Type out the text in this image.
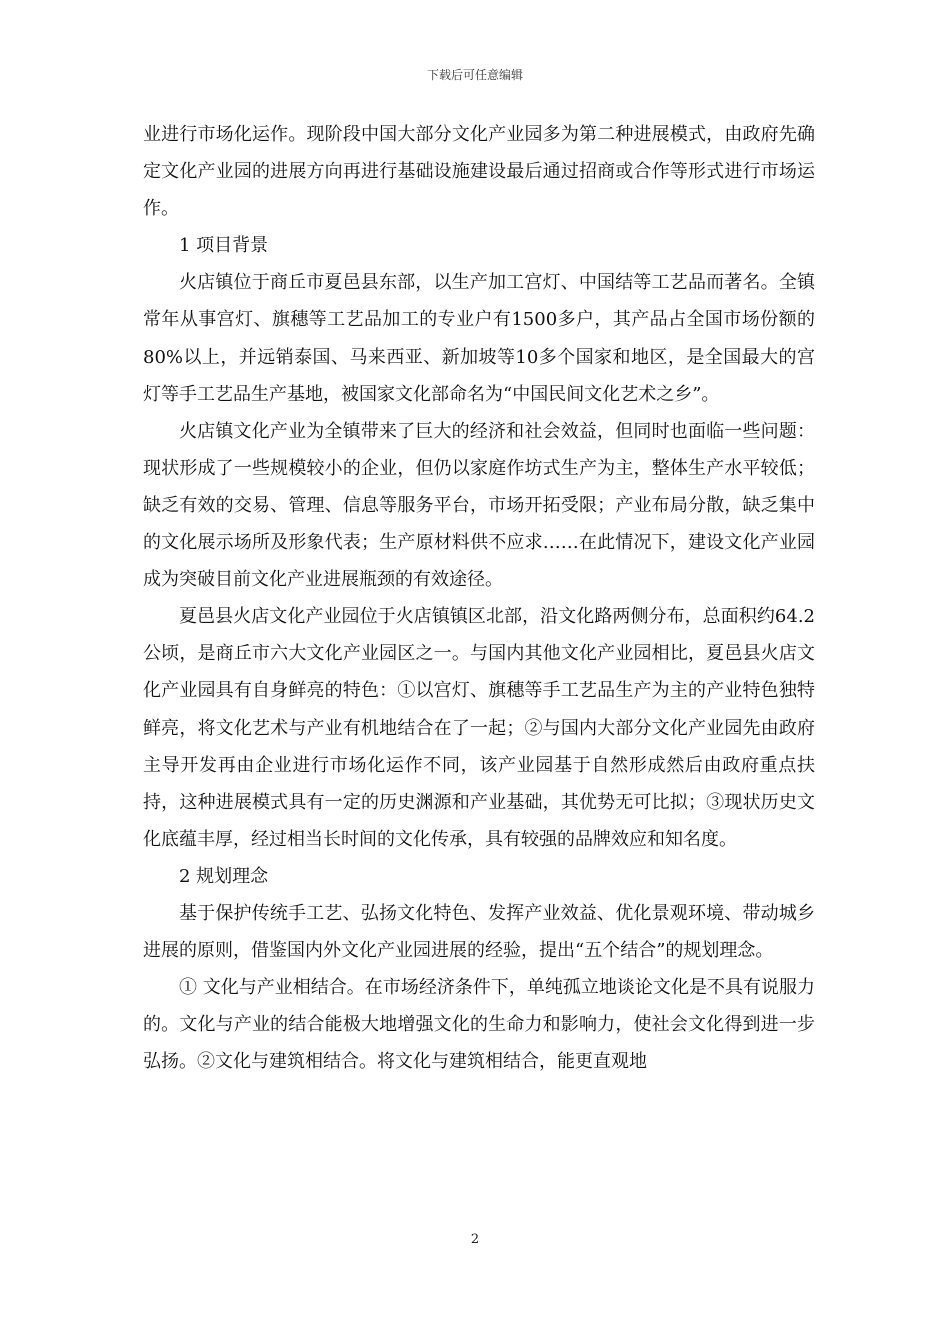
下载后可任意编辑

业进行市场化运作。现阶段中国大部分文化产业园多为第二种进展模式，由政府先确定文化产业园的进展方向再进行基础设施建设最后通过招商或合作等形式进行市场运作。

1 项目背景

火店镇位于商丘市夏邑县东部，以生产加工宫灯、中国结等工艺品而著名。全镇常年从事宫灯、旗穗等工艺品加工的专业户有1500多户，其产品占全国市场份额的80%以上，并远销泰国、马来西亚、新加坡等10多个国家和地区，是全国最大的宫灯等手工艺品生产基地，被国家文化部命名为“中国民间文化艺术之乡”。

火店镇文化产业为全镇带来了巨大的经济和社会效益，但同时也面临一些问题：现状形成了一些规模较小的企业，但仍以家庭作坊式生产为主，整体生产水平较低；缺乏有效的交易、管理、信息等服务平台，市场开拓受限；产业布局分散，缺乏集中的文化展示场所及形象代表；生产原材料供不应求……在此情况下，建设文化产业园成为突破目前文化产业进展瓶颈的有效途径。

夏邑县火店文化产业园位于火店镇镇区北部，沿文化路两侧分布，总面积约64.2公顷，是商丘市六大文化产业园区之一。与国内其他文化产业园相比，夏邑县火店文化产业园具有自身鲜亮的特色：①以宫灯、旗穗等手工艺品生产为主的产业特色独特鲜亮，将文化艺术与产业有机地结合在了一起；②与国内大部分文化产业园先由政府主导开发再由企业进行市场化运作不同，该产业园基于自然形成然后由政府重点扶持，这种进展模式具有一定的历史渊源和产业基础，其优势无可比拟；③现状历史文化底蕴丰厚，经过相当长时间的文化传承，具有较强的品牌效应和知名度。

2 规划理念

基于保护传统手工艺、弘扬文化特色、发挥产业效益、优化景观环境、带动城乡进展的原则，借鉴国内外文化产业园进展的经验，提出“五个结合”的规划理念。

① 文化与产业相结合。在市场经济条件下，单纯孤立地谈论文化是不具有说服力的。文化与产业的结合能极大地增强文化的生命力和影响力，使社会文化得到进一步弘扬。②文化与建筑相结合。将文化与建筑相结合，能更直观地

2
